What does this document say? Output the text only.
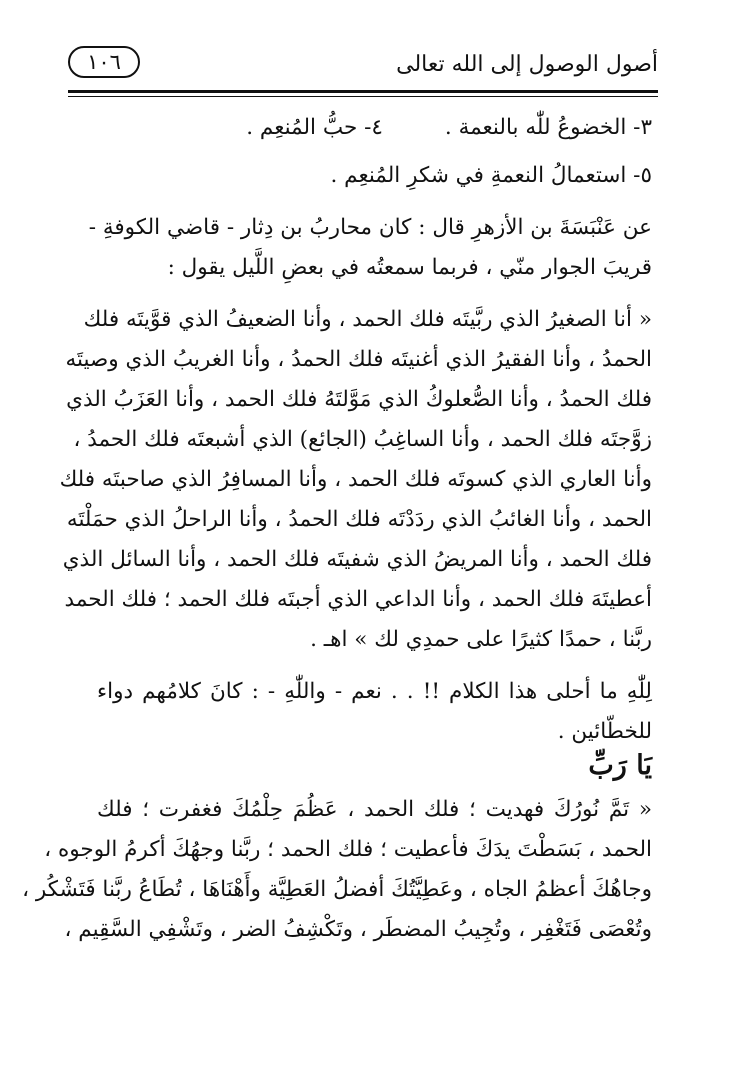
أصول الوصول إلى الله تعالى
١٠٦
٣- الخضوعُ للّٰه بالنعمة .
٤- حبُّ المُنعِم .
٥- استعمالُ النعمةِ في شكرِ المُنعِم .
عن عَنْبَسَةَ بن الأزهرِ قال : كان محاربُ بن دِثار - قاضي الكوفةِ -
قريبَ الجوار منّي ، فربما سمعتُه في بعضِ اللَّيل يقول :
« أنا الصغيرُ الذي ربَّيتَه فلك الحمد ، وأنا الضعيفُ الذي قوَّيتَه فلك
الحمدُ ، وأنا الفقيرُ الذي أغنيتَه فلك الحمدُ ، وأنا الغريبُ الذي وصيتَه
فلك الحمدُ ، وأنا الصُّعلوكُ الذي مَوَّلتَهُ فلك الحمد ، وأنا العَزَبُ الذي
زوَّجتَه فلك الحمد ، وأنا الساغِبُ (الجائع) الذي أشبعتَه فلك الحمدُ ،
وأنا العاري الذي كسوتَه فلك الحمد ، وأنا المسافِرُ الذي صاحبتَه فلك
الحمد ، وأنا الغائبُ الذي ردَدْتَه فلك الحمدُ ، وأنا الراحلُ الذي حمَلْتَه
فلك الحمد ، وأنا المريضُ الذي شفيتَه فلك الحمد ، وأنا السائل الذي
أعطيتَهَ فلك الحمد ، وأنا الداعي الذي أجبتَه فلك الحمد ؛ فلك الحمد
ربَّنا ، حمدًا كثيرًا على حمدِي لك » اهـ .
لِلّٰهِ ما أحلى هذا الكلام !! . . نعم - واللّٰهِ - : كانَ كلامُهم دواء
للخطّائين .
يَا رَبِّ
« تَمَّ نُورُكَ فهديت ؛ فلك الحمد ، عَظُمَ حِلْمُكَ فغفرت ؛ فلك
الحمد ، بَسَطْتَ يدَكَ فأعطيت ؛ فلك الحمد ؛ ربَّنا وجهُكَ أكرمُ الوجوه ،
وجاهُكَ أعظمُ الجاه ، وعَطِيَّتُكَ أفضلُ العَطِيَّة وأَهْنَاهَا ، تُطَاعُ ربَّنا فَتَشْكُر ،
وتُعْصَى فَتَغْفِر ، وتُجِيبُ المضطَر ، وتَكْشِفُ الضر ، وتَشْفِي السَّقِيم ،
